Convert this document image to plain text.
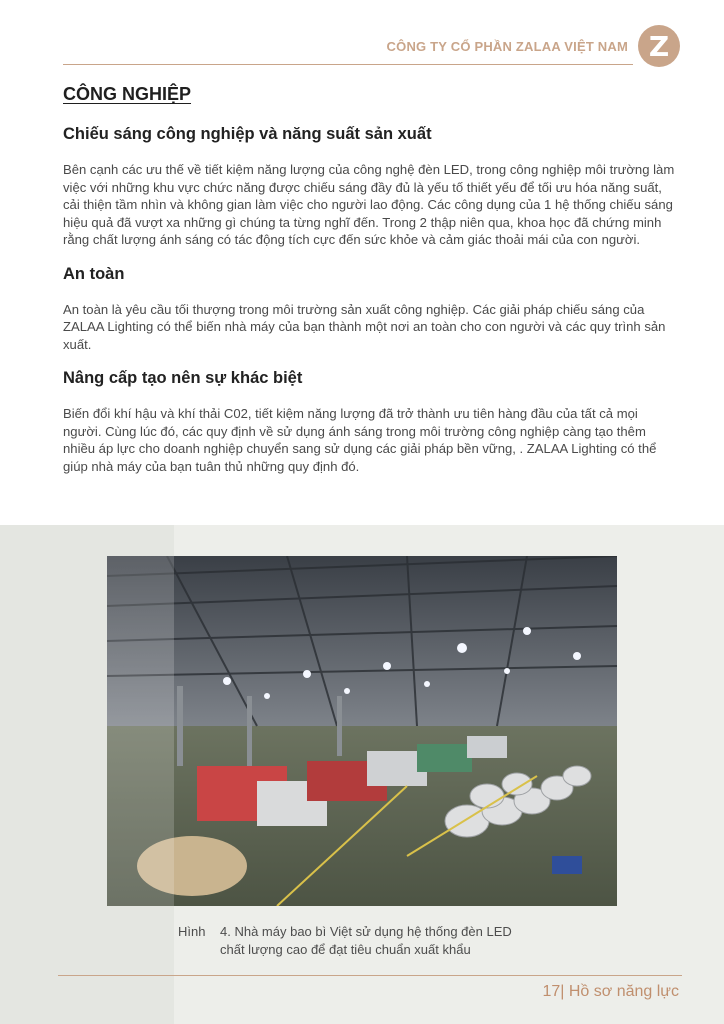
CÔNG TY CỔ PHẦN ZALAA VIỆT NAM Z
CÔNG NGHIỆP
Chiếu sáng công nghiệp và năng suất sản xuất

Bên cạnh các ưu thế về tiết kiệm năng lượng của công nghệ đèn LED, trong công nghiệp môi trường làm việc với những khu vực chức năng được chiếu sáng đầy đủ là yếu tố thiết yếu để tối ưu hóa năng suất, cải thiện tầm nhìn và không gian làm việc cho người lao động. Các công dụng của 1 hệ thống chiếu sáng hiệu quả đã vượt xa những gì chúng ta từng nghĩ đến. Trong 2 thập niên qua, khoa học đã chứng minh rằng chất lượng ánh sáng có tác động tích cực đến sức khỏe và cảm giác thoải mái của con người.

An toàn

An toàn là yêu cầu tối thượng trong môi trường sản xuất công nghiệp. Các giải pháp chiếu sáng của ZALAA Lighting có thể biến nhà máy của bạn thành một nơi an toàn cho con người và các quy trình sản xuất.

Nâng cấp tạo nên sự khác biệt

Biến đổi khí hậu và khí thải C02, tiết kiệm năng lượng đã trở thành ưu tiên hàng đầu của tất cả mọi người. Cùng lúc đó, các quy định về sử dụng ánh sáng trong môi trường công nghiệp càng tạo thêm nhiều áp lực cho doanh nghiệp chuyển sang sử dụng các giải pháp bền vững, . ZALAA Lighting có thể giúp nhà máy của bạn tuân thủ những quy định đó.

Hình 4. Nhà máy bao bì Việt sử dụng hệ thống đèn LED
chất lượng cao để đạt tiêu chuẩn xuất khẩu
17| Hồ sơ năng lực
